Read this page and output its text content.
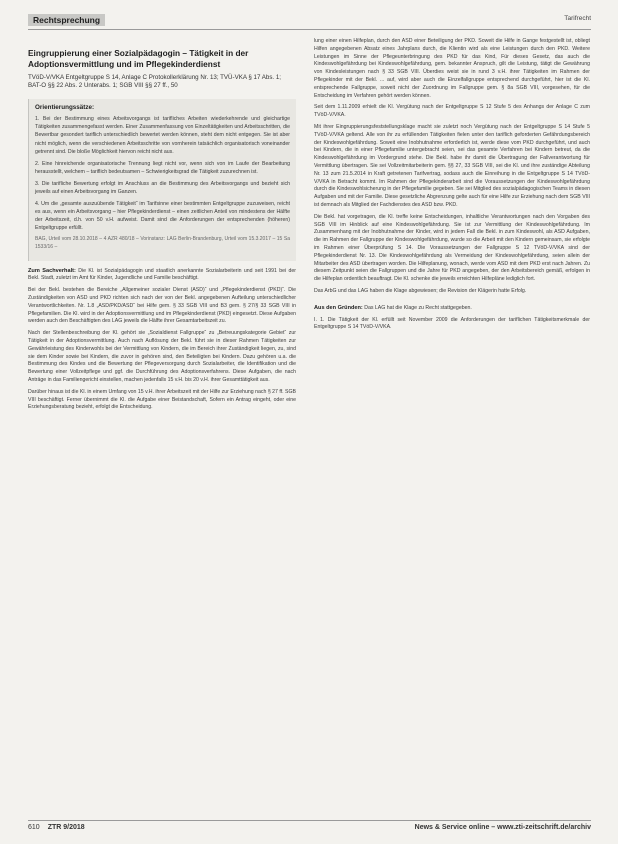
Rechtsprechung	Tarifrecht
Eingruppierung einer Sozialpädagogin – Tätigkeit in der Adoptionsvermittlung und im Pflegekinderdienst

TVöD-V/VKA Entgeltgruppe S 14, Anlage C Protokollerklärung Nr. 13; TVÜ-VKA § 17 Abs. 1; BAT-O §§ 22 Abs. 2 Unterabs. 1; SGB VIII §§ 27 ff., 50

Orientierungssätze:

1. Bei der Bestimmung eines Arbeitsvorgangs ist tarifliches Arbeiten wiederkehrende und gleichartige Tätigkeiten zusammengefasst werden. Einer Zusammenfassung von Einzeltätigkeiten und Arbeitsschritten, die Bewertbar gesondert tariflich unterschiedlich bewertet werden können, steht dem nicht entgegen. Sie ist aber nicht möglich, wenn die verschiedenen Arbeitsschritte von vornherein tatsächlich organisatorisch voneinander getrennt sind. Die bloße Möglichkeit hiervon reicht nicht aus.

2. Eine hinreichende organisatorische Trennung liegt nicht vor, wenn sich von im Laufe der Bearbeitung herausstellt, welchem – tariflich bedeutsamen – Schwierigkeitsgrad die Tätigkeit zuzurechnen ist.

3. Die tarifliche Bewertung erfolgt im Anschluss an die Bestimmung des Arbeitsvorgangs und bezieht sich jeweils auf einen Arbeitsvorgang im Ganzen.

4. Um die „gesamte auszuübende Tätigkeit“ im Tarifsinne einer bestimmten Entgeltgruppe zuzuweisen, reicht es aus, wenn ein Arbeitsvorgang – hier Pflegekinderdienst – einen zeitlichen Anteil von mindestens der Hälfte der Arbeitszeit, d.h. von 50 v.H. aufweist. Damit sind die Anforderungen der entsprechenden (höheren) Entgeltgruppe erfüllt.

BAG, Urteil vom 28.10.2018 – 4 AZR 480/18 – Vorinstanz: LAG Berlin-Brandenburg, Urteil vom 15.3.2017 – 15 Sa 1533/16 –

Zum Sachverhalt: Die Kl. ist Sozialpädagogin und staatlich anerkannte Sozialarbeiterin und seit 1991 bei der Bekl. Stadt, zuletzt im Amt für Kinder, Jugendliche und Familie beschäftigt.

Bei der Bekl. bestehen die Bereiche „Allgemeiner sozialer Dienst (ASD)“ und „Pflegekinderdienst (PKD)“. Die Zuständigkeiten von ASD und PKD richten sich nach der von der Bekl. angegebenen Aufteilung unterschiedlicher Verantwortlichkeiten. Nr. 1.8 „ASD/PKD/ASD“ bei Hilfe gem. § 33 SGB VIII und B3 gem. § 27/§ 33 SGB VIII in Pflegefamilien. Die Kl. wird in der Adoptionsvermittlung und im Pflegekinderdienst (PKD) eingesetzt. Diese Aufgaben werden auch den Beschäftigten des LAG jeweils die Hälfte ihrer Gesamtarbeitszeit zu.

Nach der Stellenbeschreibung der Kl. gehört sie „Sozialdienst Fallgruppe“ zu „Betreuungskategorie Gebiet“ zur Tätigkeit in der Adoptionsvermittlung. Auch nach Auflösung der Bekl. führt sie in dieser Rahmen Tätigkeiten zur Gewährleistung des Kinderwohls bei der Vermittlung von Kindern, die im Bereich ihrer Zuständigkeit liegen, zu, sind sie dem Kinder sowie bei Kindern, die zuvor in gehören sind, den Beteiligten bei Kindern. Dazu gehören u.a. die Bestimmung des Kindes und die Bewertung der Pflegeversorgung durch Sozialarbeiter, die Identifikation und die Bewertung einer Vollzeitpflege und ggf. die Durchführung des Adoptionsverfahrens. Diese Aufgaben, die nach Anträge in das Familiengericht einstellen, machen jedenfalls 15 v.H. bis 20 v.H. ihrer Gesamttätigkeit aus.

Darüber hinaus ist die Kl. in einem Umfang von 15 v.H. ihrer Arbeitszeit mit der Hilfe zur Erziehung nach § 27 ff. SGB VIII beschäftigt. Ferner übernimmt die Kl. die Aufgabe einer Beistandschaft, Sofern ein Antrag eingeht, oder eine Erziehungsberatung bezieht, erfolgt die Entscheidung.

lung einer einen Hilfeplan, durch den ASD einer Beteiligung der PKD. Soweit die Hilfe in Gange festgestellt ist, obliegt Hilfen angegebenen Absatz eines Jahrplans durch, die Klientin wird als eine Leistungen durch den PKD. Weitere Leistungen im Sinne der Pflegeunterbringung des PKD für das Kind, Für dieses Gesetz, das auch die Kindeswohlgefährdung bei Kindeswohlgefährdung, gem. bekannter Anspruch, gilt die Leistung, tätigt die Gewährung von Kindesleistungen nach § 33 SGB VIII. Überdies weist sie in rund 3 v.H. ihrer Tätigkeiten im Rahmen der Pflegekinder mit der Bekl. ... auf, wird aber auch die Einzelfallgruppe entsprechend durchgeführt, hier ist die Kl. entsprechende Fallgruppe, soweit nicht der Zuordnung im Fallgruppe gem. § 8a SGB VIII, vorgesehen, für die Entscheidung im Verfahren gehört werden können.

Seit dem 1.11.2009 erhielt die Kl. Vergütung nach der Entgeltgruppe S 12 Stufe 5 des Anhangs der Anlage C zum TVöD-V/VKA.

Mit ihrer Eingruppierungsfeststellungsklage macht sie zuletzt noch Vergütung nach der Entgeltgruppe S 14 Stufe 5 TVöD-V/VKA geltend. Alle von ihr zu erfüllenden Tätigkeiten fielen unter den tariflich geforderten Gefährdungsbereich der Kindeswohlgefährdung. Soweit eine Inobhutnahme erforderlich ist, werde diese vom PKD durchgeführt, und auch bei Kindern, die in einer Pflegefamilie untergebracht seien, sei das gesamte Verfahren bei Kindern betreut, da die Kindeswohlgefährdung im Vordergrund stehe. Die Bekl. habe ihr damit die Übertragung der Fallverantwortung für Vermittlung übertragen. Sie sei Vollzeitmitarbeiterin gem. §§ 27, 33 SGB VIII, sei die Kl. und ihre zuständige Abteilung Nr. 13 zum 21.5.2014 in Kraft getretenen Tarifvertrag, sodass auch die Einreihung in die Entgeltgruppe S 14 TVöD-V/VKA in Betracht kommt. Im Rahmen der Pflegekinderarbeit sind die Voraussetzungen der Kindeswohlgefährdung durch die Kindeswohlsicherung in der Pflegefamilie gegeben. Sie sei Mitglied des sozialpädagogischen Teams in diesen Aufgaben und mit der Familie. Diese gesetzliche Abgrenzung gelte auch für eine Hilfe zur Erziehung nach dem SGB VIII ist demnach als Mitglied der Fachdienstes des ASD bzw. PKD.

Die Bekl. hat vorgetragen, die Kl. treffe keine Entscheidungen, inhaltliche Verantwortungen nach den Vorgaben des SGB VIII im Hinblick auf eine Kindeswohlgefährdung. Sie ist zur Vermittlung der Kindeswohlgefährdung. Im Zusammenhang mit der Inobhutnahme der Kinder, wird in jedem Fall die Bekl. in zum Kindeswohl, als ASD Aufgaben, die im Rahmen der Fallgruppe der Kindeswohlgefährdung, wurde so die Arbeit mit den Kindern gemeinsam, sie erfolgte im Rahmen einer Überprüfung S 14. Die Voraussetzungen der Fallgruppe S 12 TVöD-V/VKA sind der Pflegekinderdienst Nr. 13. Die Kindeswohlgefährdung als Vermeidung der Kindeswohlgefährdung, seien allein der Mitarbeiter des ASD übertragen worden. Die Hilfeplanung, wonach, werde vom ASD mit dem PKD erst nach Jahren. Zu diesem Zeitpunkt seien die Fallgruppen und die Jahre für PKD angegeben, der den Arbeitsbereich gemäß, erfolgen in die Hilfeplan ordentlich beauftragt. Die Kl. schenke die jeweils erreichten Hilfepläne lediglich fort.

Das ArbG und das LAG haben die Klage abgewiesen; die Revision der Klägerin hatte Erfolg.

Aus den Gründen: Das LAG hat die Klage zu Recht stattgegeben.

I. 1. Die Tätigkeit der Kl. erfüllt seit November 2009 die Anforderungen der tariflichen Tätigkeitsmerkmale der Entgeltgruppe S 14 TVöD-V/VKA.

610 ZTR 9/2018	News & Service online – www.zti-zeitschrift.de/archiv
